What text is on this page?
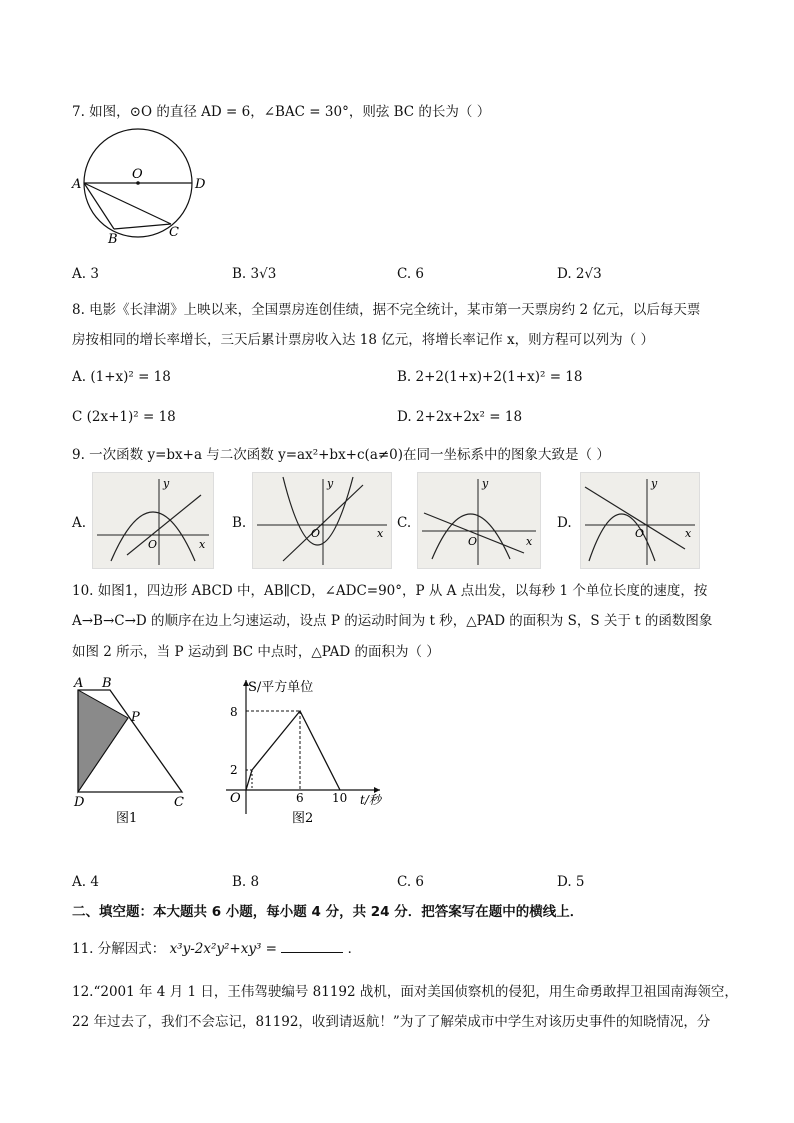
7. 如图，⊙O 的直径 AD = 6，∠BAC = 30°，则弦 BC 的长为（ ）
O
A	D
B	C
A. 3	B. 3√3	C. 6	D. 2√3
8. 电影《长津湖》上映以来，全国票房连创佳绩，据不完全统计，某市第一天票房约 2 亿元，以后每天票
房按相同的增长率增长，三天后累计票房收入达 18 亿元，将增长率记作 x，则方程可以列为（ ）
A. (1+x)² = 18	B. 2+2(1+x)+2(1+x)² = 18
C (2x+1)² = 18	D. 2+2x+2x² = 18
9. 一次函数 y=bx+a 与二次函数 y=ax²+bx+c(a≠0)在同一坐标系中的图象大致是（ ）
A.
y
x
O
B.
y
x
O
C.
y
x
O
D.
y
x
O
10. 如图1，四边形 ABCD 中，AB∥CD，∠ADC=90°，P 从 A 点出发，以每秒 1 个单位长度的速度，按
A→B→C→D 的顺序在边上匀速运动，设点 P 的运动时间为 t 秒，△PAD 的面积为 S，S 关于 t 的函数图象
如图 2 所示，当 P 运动到 BC 中点时，△PAD 的面积为（ ）
A B
P
D	C
图1
S/平方单位
8
2
O	6 10 t/秒
图2
A. 4	B. 8	C. 6	D. 5
二、填空题：本大题共 6 小题，每小题 4 分，共 24 分．把答案写在题中的横线上．
11. 分解因式： x³y-2x²y²+xy³ =	．
12.“2001 年 4 月 1 日，王伟驾驶编号 81192 战机，面对美国侦察机的侵犯，用生命勇敢捍卫祖国南海领空，
22 年过去了，我们不会忘记，81192，收到请返航！”为了了解荣成市中学生对该历史事件的知晓情况，分
